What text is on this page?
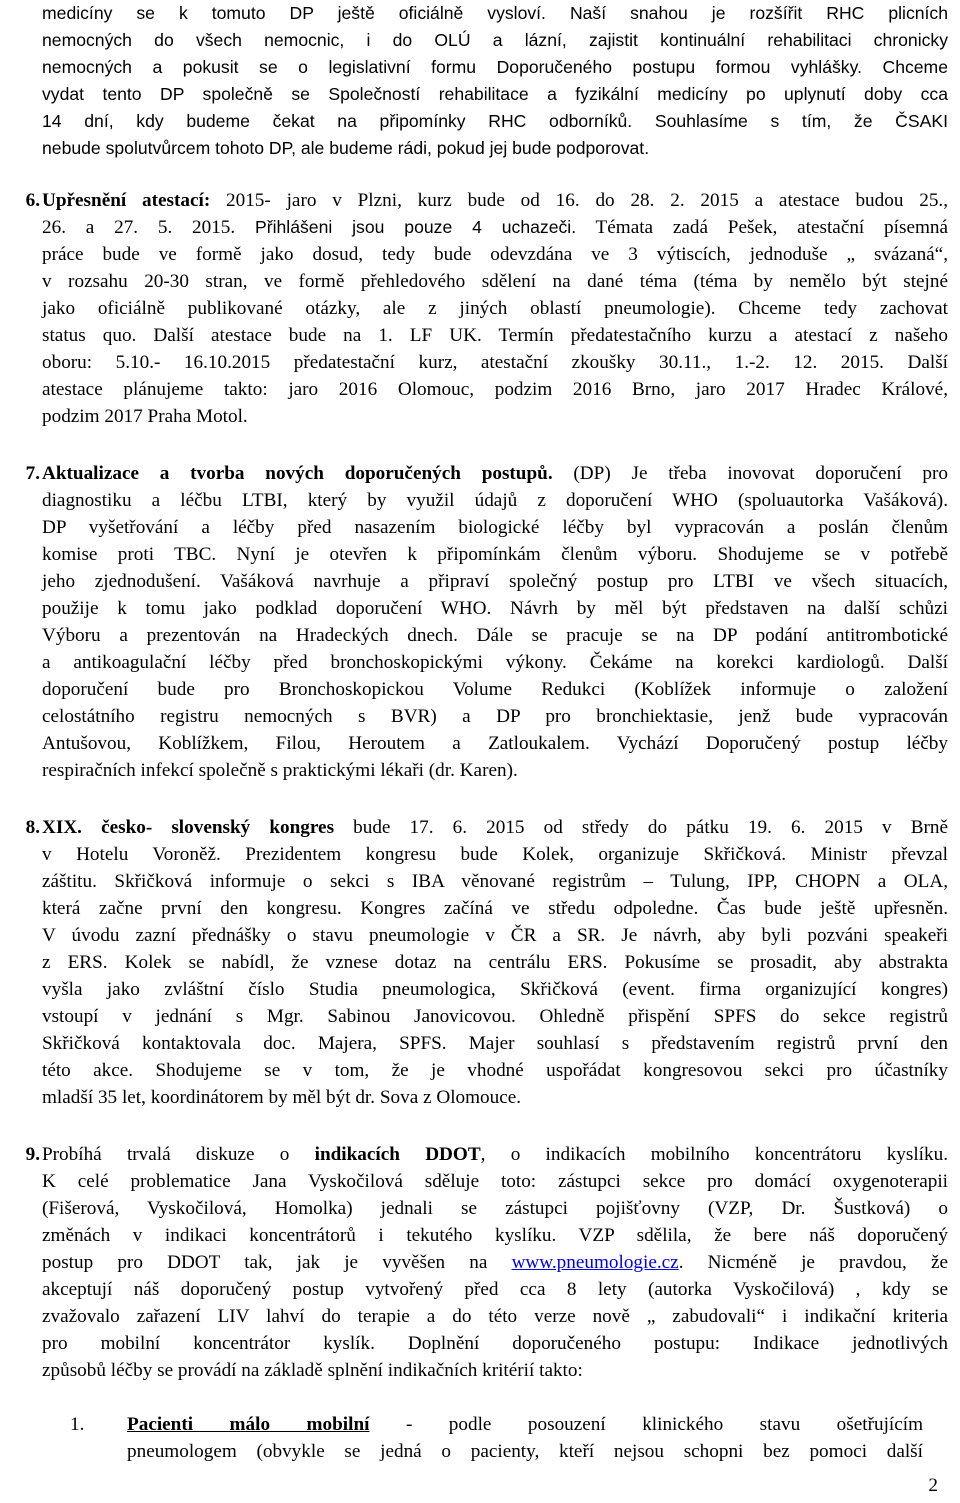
medicíny se k tomuto DP ještě oficiálně vysloví. Naší snahou je rozšířit RHC plicních
nemocných do všech nemocnic, i do OLÚ a lázní, zajistit kontinuální rehabilitaci chronicky
nemocných a pokusit se o legislativní formu Doporučeného postupu formou vyhlášky. Chceme
vydat tento DP společně se Společností rehabilitace a fyzikální medicíny po uplynutí doby cca
14 dní, kdy budeme čekat na připomínky RHC odborníků. Souhlasíme s tím, že ČSAKI
nebude spolutvůrcem tohoto DP, ale budeme rádi, pokud jej bude podporovat.
6. Upřesnění atestací: 2015- jaro v Plzni, kurz bude od 16. do 28. 2. 2015 a atestace budou 25.,
26. a 27. 5. 2015. Přihlášeni jsou pouze 4 uchazeči. Témata zadá Pešek, atestační písemná
práce bude ve formě jako dosud, tedy bude odevzdána ve 3 výtiscích, jednoduše „ svázaná“,
v rozsahu 20-30 stran, ve formě přehledového sdělení na dané téma (téma by nemělo být stejné
jako oficiálně publikované otázky, ale z jiných oblastí pneumologie). Chceme tedy zachovat
status quo. Další atestace bude na 1. LF UK. Termín předatestačního kurzu a atestací z našeho
oboru: 5.10.- 16.10.2015 předatestační kurz, atestační zkoušky 30.11., 1.-2. 12. 2015. Další
atestace plánujeme takto: jaro 2016 Olomouc, podzim 2016 Brno, jaro 2017 Hradec Králové,
podzim 2017 Praha Motol.
7. Aktualizace a tvorba nových doporučených postupů. (DP) Je třeba inovovat doporučení pro
diagnostiku a léčbu LTBI, který by využil údajů z doporučení WHO (spoluautorka Vašáková).
DP vyšetřování a léčby před nasazením biologické léčby byl vypracován a poslán členům
komise proti TBC. Nyní je otevřen k připomínkám členům výboru. Shodujeme se v potřebě
jeho zjednodušení. Vašáková navrhuje a připraví společný postup pro LTBI ve všech situacích,
použije k tomu jako podklad doporučení WHO. Návrh by měl být představen na další schůzi
Výboru a prezentován na Hradeckých dnech. Dále se pracuje se na DP podání antitrombotické
a antikoagulační léčby před bronchoskopickými výkony. Čekáme na korekci kardiologů. Další
doporučení bude pro Bronchoskopickou Volume Redukci (Koblížek informuje o založení
celostátního registru nemocných s BVR) a DP pro bronchiektasie, jenž bude vypracován
Antušovou, Koblížkem, Filou, Heroutem a Zatloukalem. Vychází Doporučený postup léčby
respiračních infekcí společně s praktickými lékaři (dr. Karen).
8. XIX. česko- slovenský kongres bude 17. 6. 2015 od středy do pátku 19. 6. 2015 v Brně
v Hotelu Voroněž. Prezidentem kongresu bude Kolek, organizuje Skřičková. Ministr převzal
záštitu. Skřičková informuje o sekci s IBA věnované registrům – Tulung, IPP, CHOPN a OLA,
která začne první den kongresu. Kongres začíná ve středu odpoledne. Čas bude ještě upřesněn.
V úvodu zazní přednášky o stavu pneumologie v ČR a SR. Je návrh, aby byli pozváni speakeři
z ERS. Kolek se nabídl, že vznese dotaz na centrálu ERS. Pokusíme se prosadit, aby abstrakta
vyšla jako zvláštní číslo Studia pneumologica, Skřičková (event. firma organizující kongres)
vstoupí v jednání s Mgr. Sabinou Janovicovou. Ohledně přispění SPFS do sekce registrů
Skřičková kontaktovala doc. Majera, SPFS. Majer souhlasí s představením registrů první den
této akce. Shodujeme se v tom, že je vhodné uspořádat kongresovou sekci pro účastníky
mladší 35 let, koordinátorem by měl být dr. Sova z Olomouce.
9. Probíhá trvalá diskuze o indikacích DDOT, o indikacích mobilního koncentrátoru kyslíku.
K celé problematice Jana Vyskočilová sděluje toto: zástupci sekce pro domácí oxygenoterapii
(Fišerová, Vyskočilová, Homolka) jednali se zástupci pojišťovny (VZP, Dr. Šustková) o
změnách v indikaci koncentrátorů i tekutého kyslíku. VZP sdělila, že bere náš doporučený
postup pro DDOT tak, jak je vyvěšen na www.pneumologie.cz. Nicméně je pravdou, že
akceptují náš doporučený postup vytvořený před cca 8 lety (autorka Vyskočilová) , kdy se
zvažovalo zařazení LIV lahví do terapie a do této verze nově „ zabudovali“ i indikační kriteria
pro mobilní koncentrátor kyslík. Doplnění doporučeného postupu: Indikace jednotlivých
způsobů léčby se provádí na základě splnění indikačních kritérií takto:
1.	Pacienti málo mobilní - podle posouzení klinického stavu ošetřujícím
pneumologem (obvykle se jedná o pacienty, kteří nejsou schopni bez pomoci další
2
